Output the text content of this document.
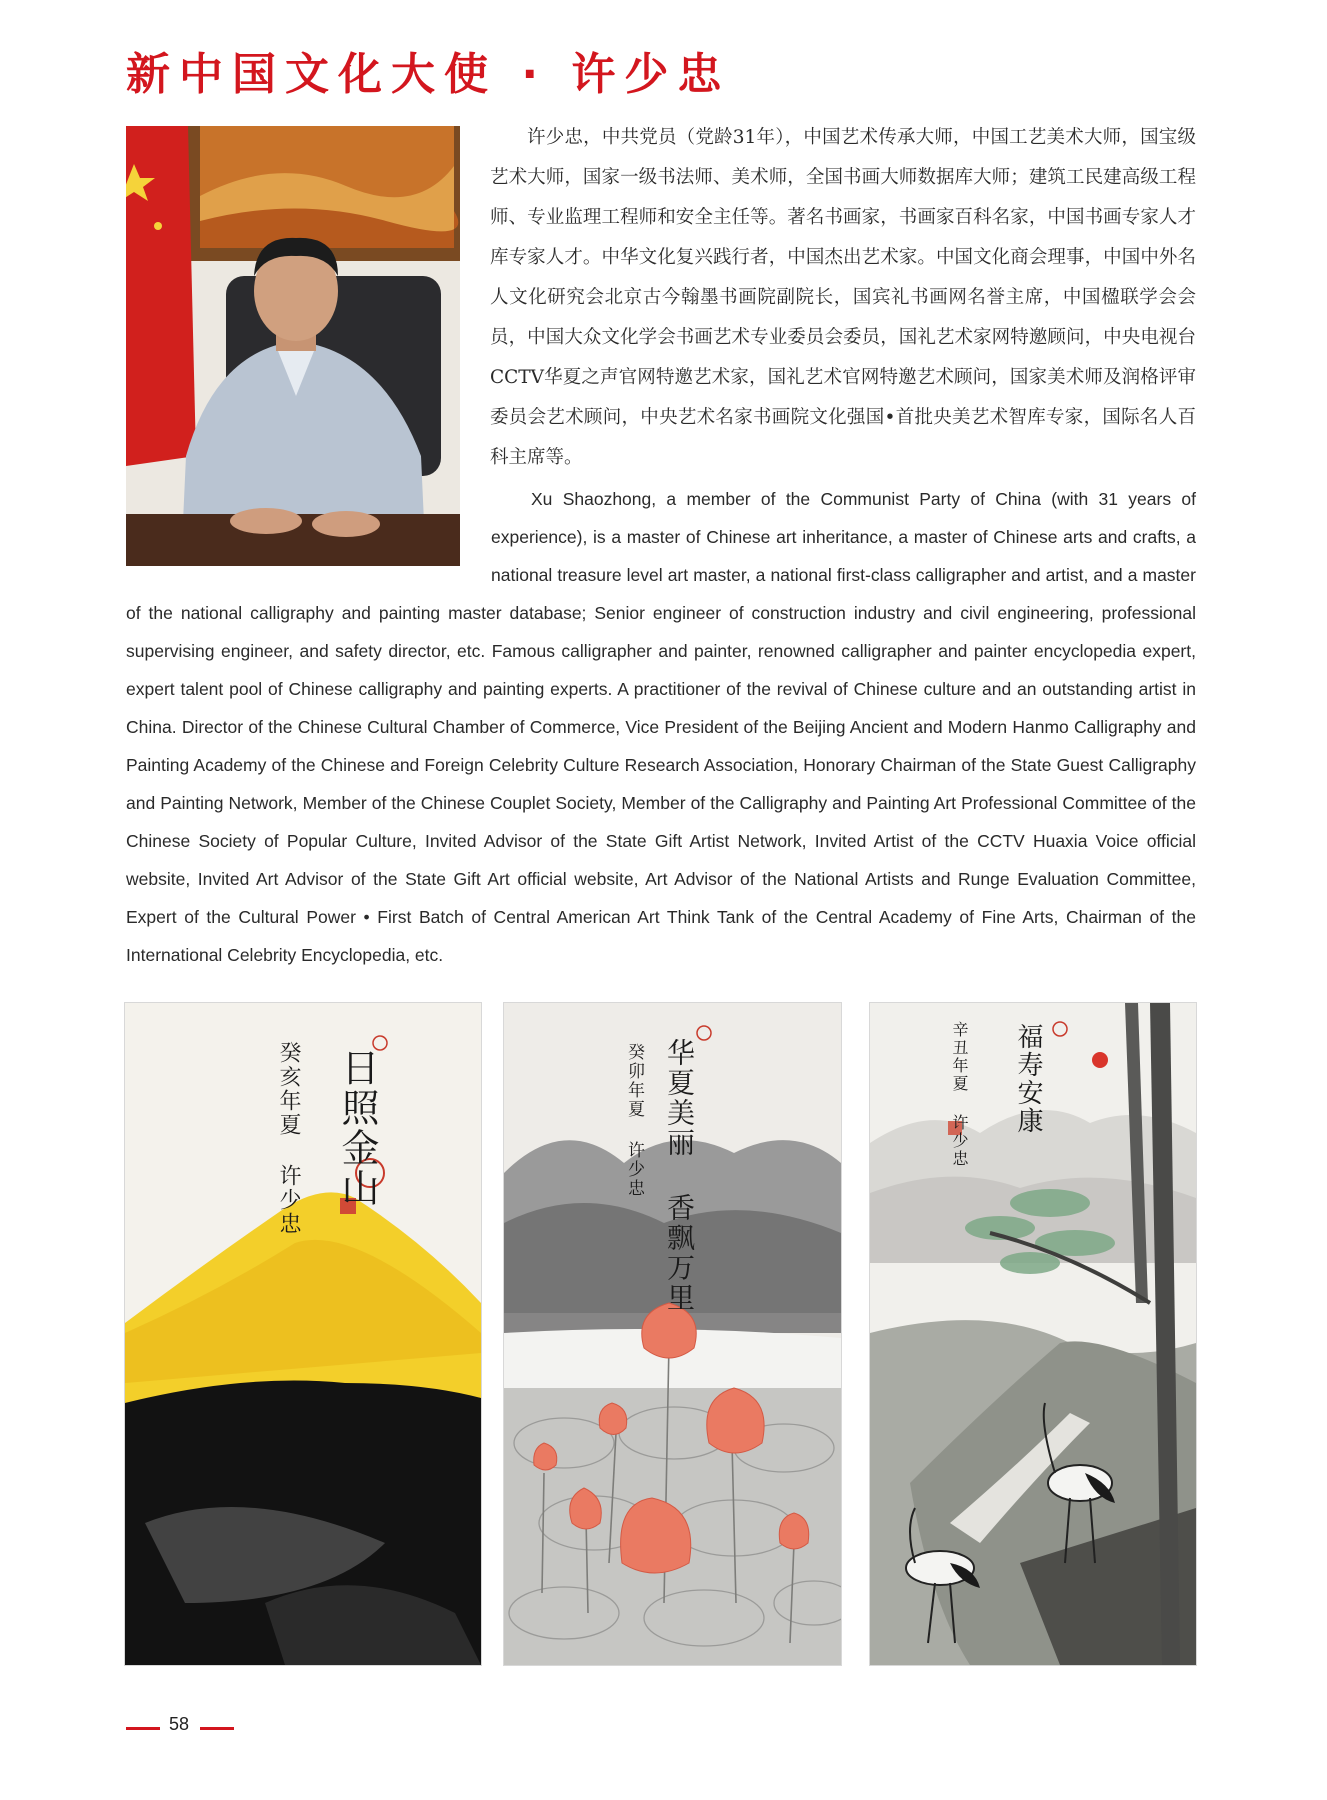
新中国文化大使 · 许少忠

许少忠，中共党员（党龄31年），中国艺术传承大师，中国工艺美术大师，国宝级艺术大师，国家一级书法师、美术师，全国书画大师数据库大师；建筑工民建高级工程师、专业监理工程师和安全主任等。著名书画家，书画家百科名家，中国书画专家人才库专家人才。中华文化复兴践行者，中国杰出艺术家。中国文化商会理事，中国中外名人文化研究会北京古今翰墨书画院副院长，国宾礼书画网名誉主席，中国楹联学会会员，中国大众文化学会书画艺术专业委员会委员，国礼艺术家网特邀顾问，中央电视台CCTV华夏之声官网特邀艺术家，国礼艺术官网特邀艺术顾问，国家美术师及润格评审委员会艺术顾问，中央艺术名家书画院文化强国•首批央美艺术智库专家，国际名人百科主席等。

Xu Shaozhong, a member of the Communist Party of China (with 31 years of experience), is a master of Chinese art inheritance, a master of Chinese arts and crafts, a national treasure level art master, a national first-class calligrapher and artist, and a master of the national calligraphy and painting master database; Senior engineer of construction industry and civil engineering, professional supervising engineer, and safety director, etc. Famous calligrapher and painter, renowned calligrapher and painter encyclopedia expert, expert talent pool of Chinese calligraphy and painting experts. A practitioner of the revival of Chinese culture and an outstanding artist in China. Director of the Chinese Cultural Chamber of Commerce, Vice President of the Beijing Ancient and Modern Hanmo Calligraphy and Painting Academy of the Chinese and Foreign Celebrity Culture Research Association, Honorary Chairman of the State Guest Calligraphy and Painting Network, Member of the Chinese Couplet Society, Member of the Calligraphy and Painting Art Professional Committee of the Chinese Society of Popular Culture, Invited Advisor of the State Gift Artist Network, Invited Artist of the CCTV Huaxia Voice official website, Invited Art Advisor of the State Gift Art official website, Art Advisor of the National Artists and Runge Evaluation Committee, Expert of the Cultural Power • First Batch of Central American Art Think Tank of the Central Academy of Fine Arts, Chairman of the International Celebrity Encyclopedia, etc.
日照金山
癸亥年夏 许少忠	华夏美丽 香飘万里
癸卯年夏 许少忠	福寿安康
辛丑年夏 许少忠
58
